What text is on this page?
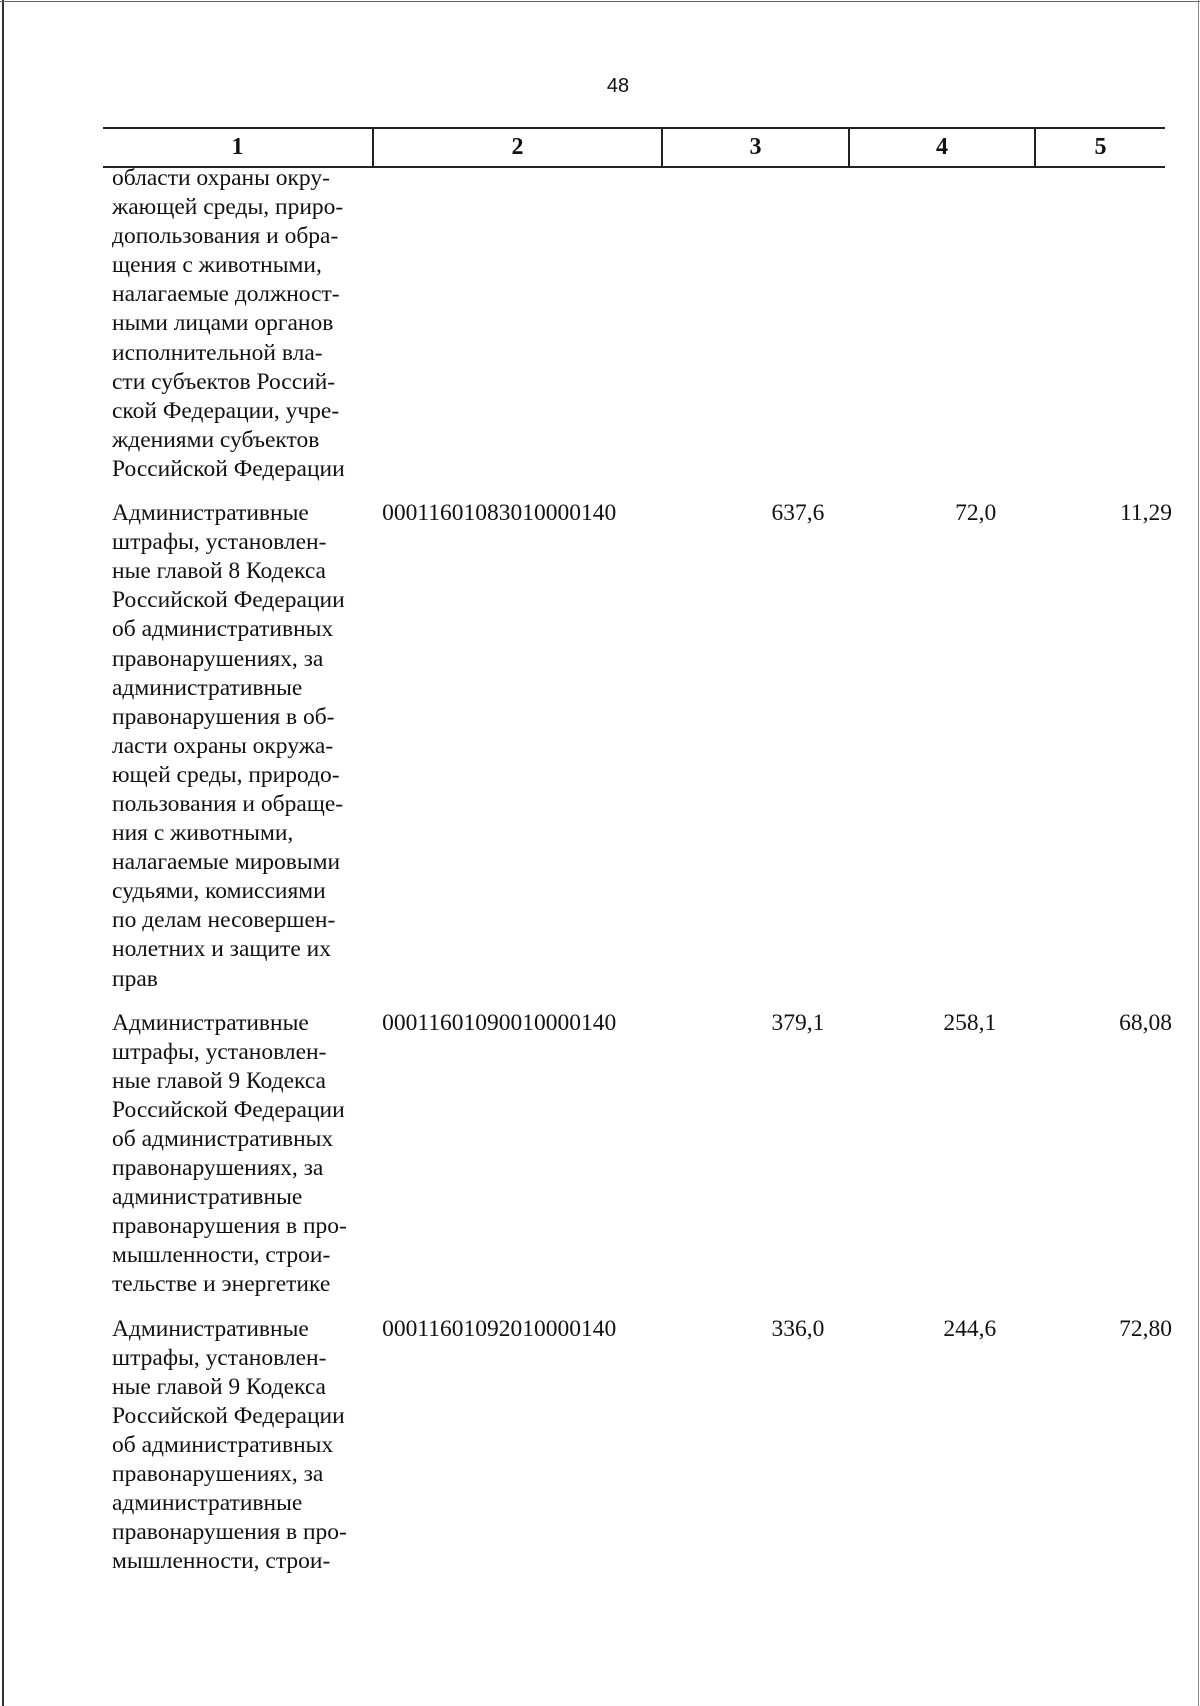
48
1	2	3	4	5
области охраны окру-
жающей среды, приро-
допользования и обра-
щения с животными,
налагаемые должност-
ными лицами органов
исполнительной вла-
сти субъектов Россий-
ской Федерации, учре-
ждениями субъектов
Российской Федерации
Административные
штрафы, установлен-
ные главой 8 Кодекса
Российской Федерации
об административных
правонарушениях, за
административные
правонарушения в об-
ласти охраны окружа-
ющей среды, природо-
пользования и обраще-
ния с животными,
налагаемые мировыми
судьями, комиссиями
по делам несовершен-
нолетних и защите их
прав
00011601083010000140	637,6	72,0	11,29
Административные
штрафы, установлен-
ные главой 9 Кодекса
Российской Федерации
об административных
правонарушениях, за
административные
правонарушения в про-
мышленности, строи-
тельстве и энергетике
00011601090010000140	379,1	258,1	68,08
Административные
штрафы, установлен-
ные главой 9 Кодекса
Российской Федерации
об административных
правонарушениях, за
административные
правонарушения в про-
мышленности, строи-
00011601092010000140	336,0	244,6	72,80
